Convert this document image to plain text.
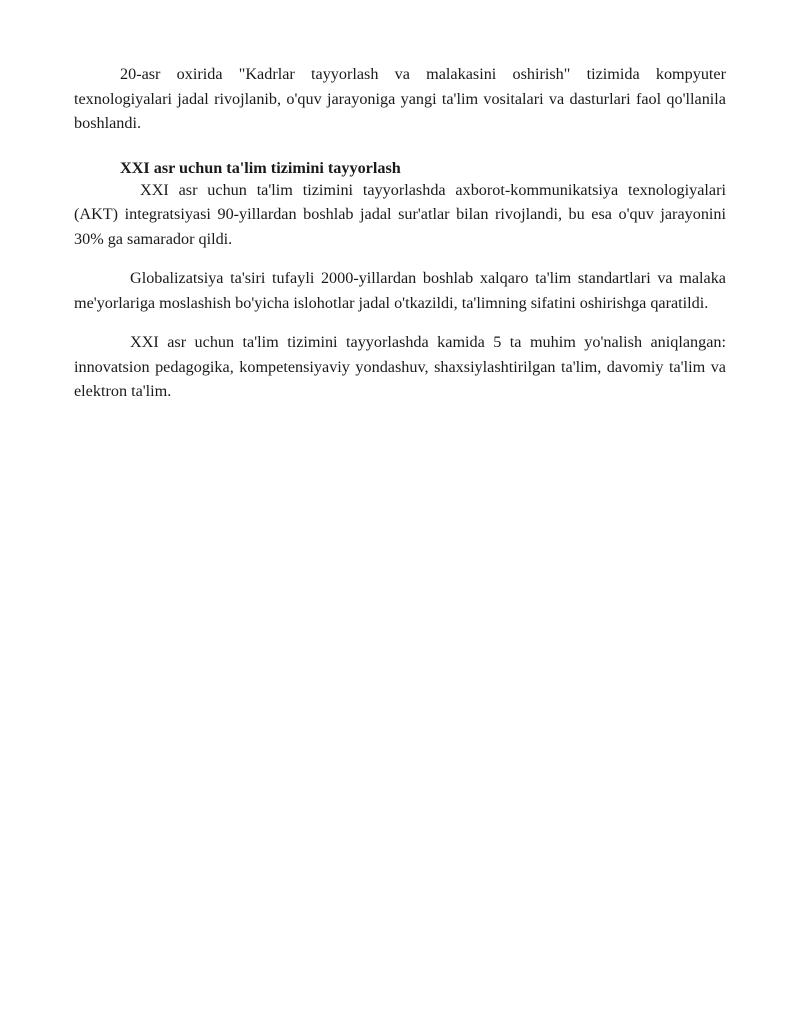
20-asr oxirida "Kadrlar tayyorlash va malakasini oshirish" tizimida kompyuter texnologiyalari jadal rivojlanib, o'quv jarayoniga yangi ta'lim vositalari va dasturlari faol qo'llanila boshlandi.

XXI asr uchun ta'lim tizimini tayyorlash

XXI asr uchun ta'lim tizimini tayyorlashda axborot-kommunikatsiya texnologiyalari (AKT) integratsiyasi 90-yillardan boshlab jadal sur'atlar bilan rivojlandi, bu esa o'quv jarayonini 30% ga samarador qildi.

Globalizatsiya ta'siri tufayli 2000-yillardan boshlab xalqaro ta'lim standartlari va malaka me'yorlariga moslashish bo'yicha islohotlar jadal o'tkazildi, ta'limning sifatini oshirishga qaratildi.

XXI asr uchun ta'lim tizimini tayyorlashda kamida 5 ta muhim yo'nalish aniqlangan: innovatsion pedagogika, kompetensiyaviy yondashuv, shaxsiylashtirilgan ta'lim, davomiy ta'lim va elektron ta'lim.
